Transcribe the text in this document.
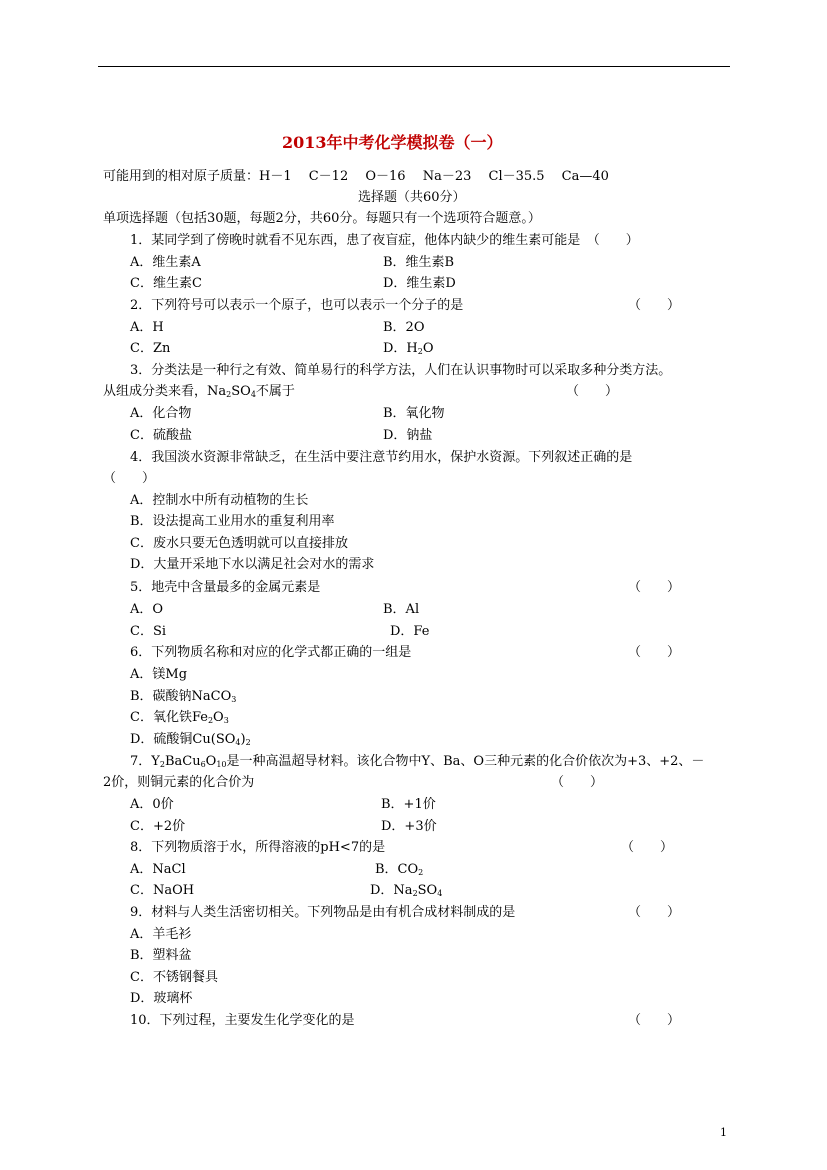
2013年中考化学模拟卷（一）
可能用到的相对原子质量：H－1　 C－12　 O－16　 Na－23　 Cl－35.5　 Ca—40
选择题（共60分）
单项选择题（包括30题，每题2分，共60分。每题只有一个选项符合题意。）
1．某同学到了傍晚时就看不见东西，患了夜盲症，他体内缺少的维生素可能是　（　　）
A．维生素A	B．维生素B
C．维生素C	D．维生素D
2．下列符号可以表示一个原子，也可以表示一个分子的是	（　　）
A．H	B．2O
C．Zn	D．$H_2O$
3．分类法是一种行之有效、简单易行的科学方法，人们在认识事物时可以采取多种分类方法。
从组成分类来看，$Na_2SO_4$不属于	（　　）
A．化合物	B．氧化物
C．硫酸盐	D．钠盐
4．我国淡水资源非常缺乏，在生活中要注意节约用水，保护水资源。下列叙述正确的是
（　　）
A．控制水中所有动植物的生长
B．设法提高工业用水的重复利用率
C．废水只要无色透明就可以直接排放
D．大量开采地下水以满足社会对水的需求
5．地壳中含量最多的金属元素是	（　　）
A．O	B．Al
C．Si	D．Fe
6．下列物质名称和对应的化学式都正确的一组是	（　　）
A．镁Mg
B．碳酸钠NaCO$_3$
C．氧化铁$Fe_2O_3$
D．硫酸铜$Cu(SO_4)_2$
7．$Y_2BaCu_6O_{10}$是一种高温超导材料。该化合物中Y、Ba、O三种元素的化合价依次为+3、+2、－
2价，则铜元素的化合价为	（　　）
A．0价	B．+1价
C．+2价	D．+3价
8．下列物质溶于水，所得溶液的pH<7的是	（　　）
A．NaCl	B．$CO_2$
C．NaOH	D．$Na_2SO_4$
9．材料与人类生活密切相关。下列物品是由有机合成材料制成的是	（　　）
A．羊毛衫
B．塑料盆
C．不锈钢餐具
D．玻璃杯
10．下列过程，主要发生化学变化的是	（　　）
1
